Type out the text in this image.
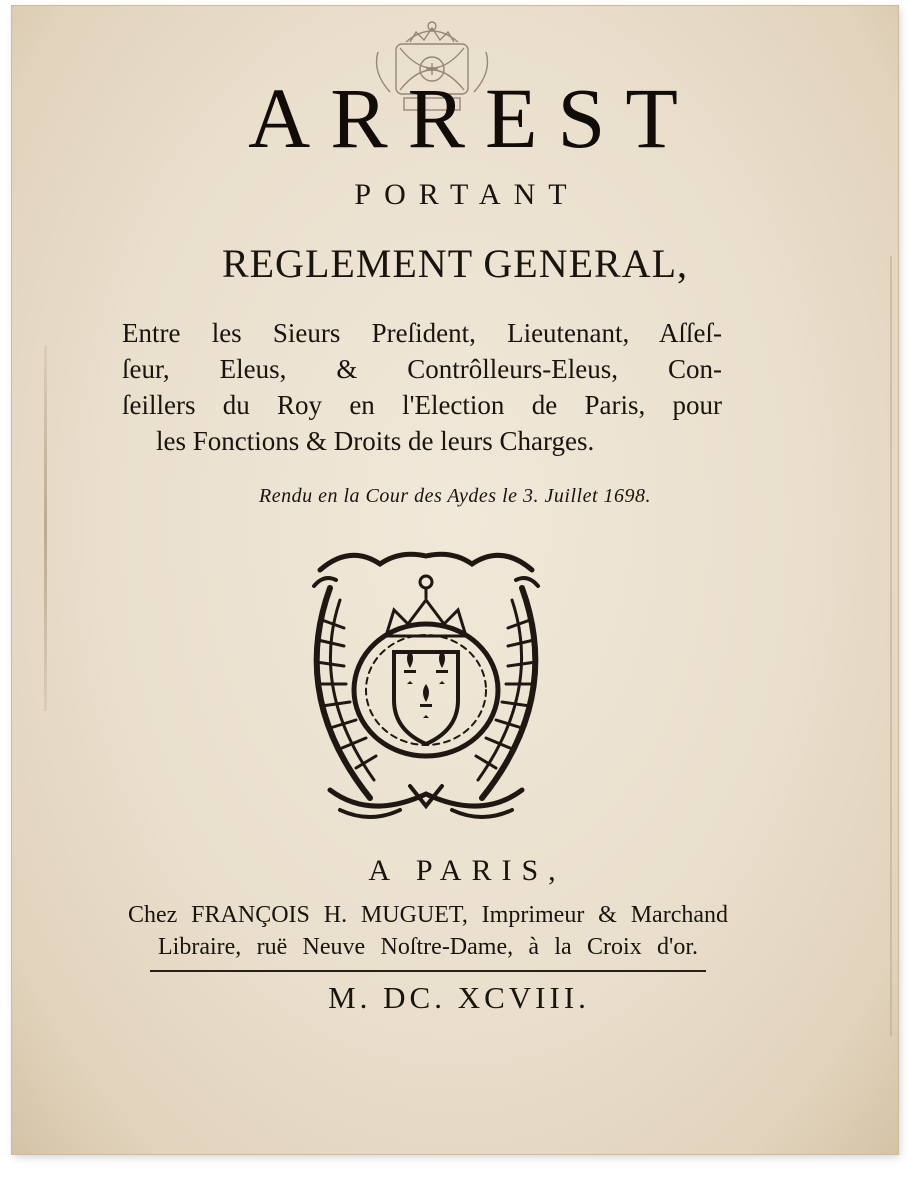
ARREST
PORTANT
REGLEMENT GENERAL,
Entre les Sieurs Preſident, Lieutenant, Aſſeſ-
ſeur, Eleus, & Contrôlleurs-Eleus, Con-
ſeillers du Roy en l'Election de Paris, pour
les Fonctions & Droits de leurs Charges.
Rendu en la Cour des Aydes le 3. Juillet 1698.
A PARIS,
Chez FRANÇOIS H. MUGUET, Imprimeur & Marchand
Libraire, ruë Neuve Noſtre-Dame, à la Croix d'or.
M. DC. XCVIII.
